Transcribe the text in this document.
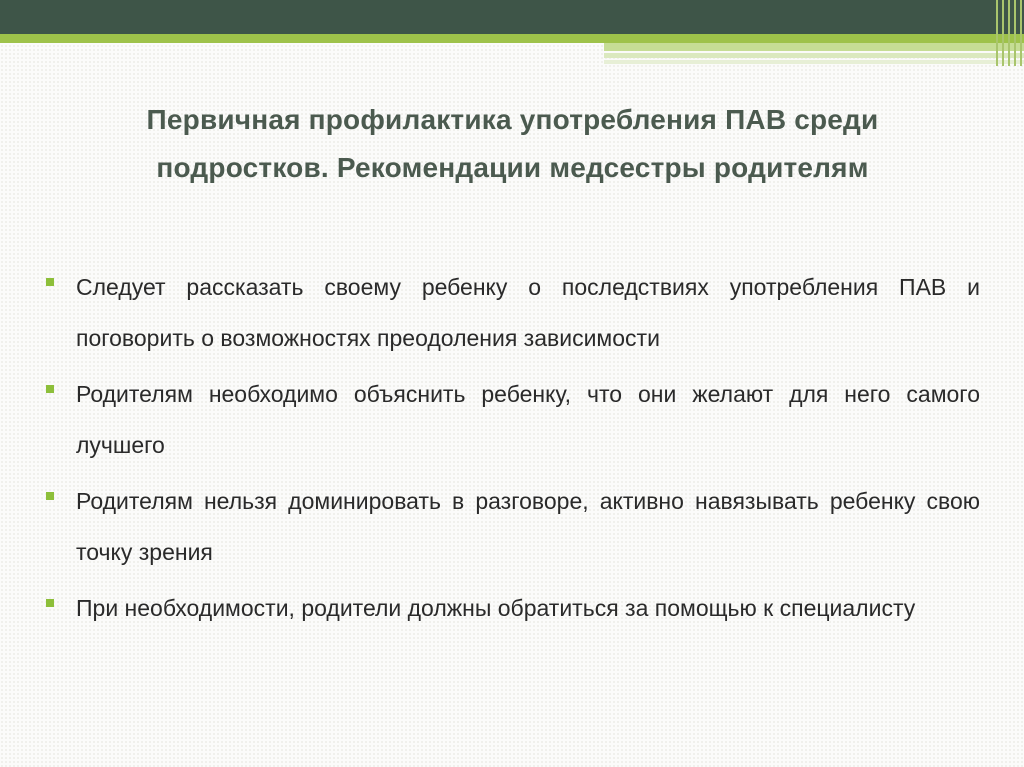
Первичная профилактика употребления ПАВ среди
подростков. Рекомендации медсестры родителям
Следует рассказать своему ребенку о последствиях употребления ПАВ и поговорить о возможностях преодоления зависимости
Родителям необходимо объяснить ребенку, что они желают для него самого лучшего
Родителям нельзя доминировать в разговоре, активно навязывать ребенку свою точку зрения
При необходимости, родители должны обратиться за помощью к специалисту
